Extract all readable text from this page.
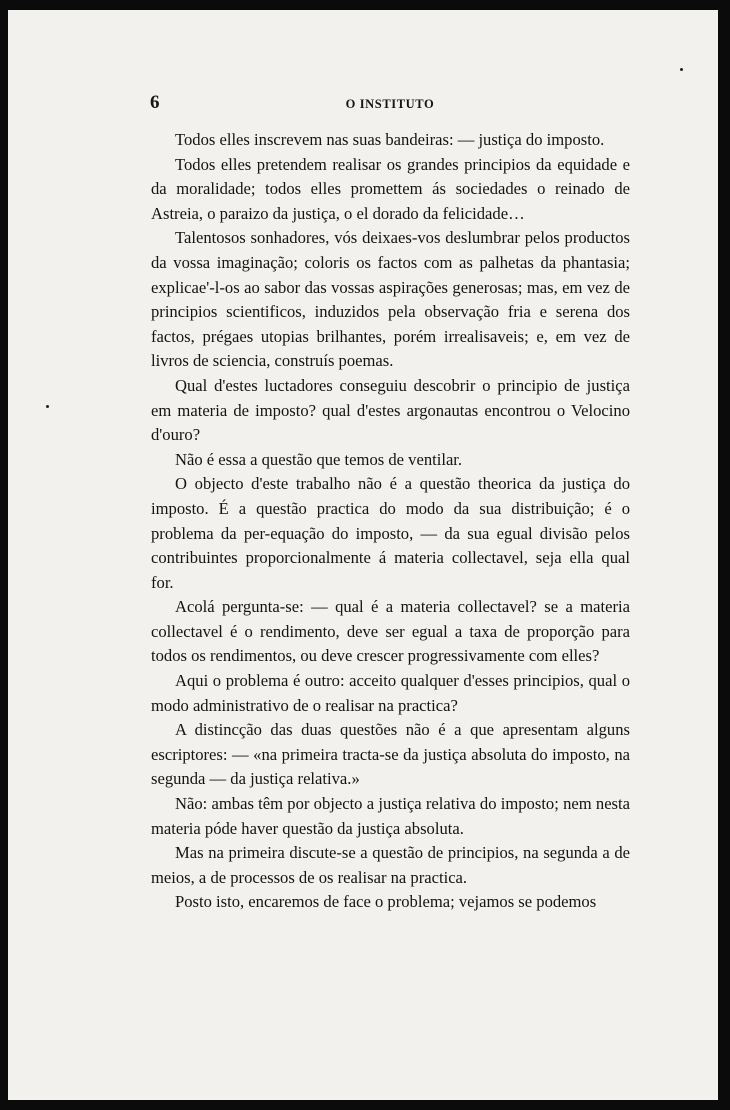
6	O INSTITUTO

Todos elles inscrevem nas suas bandeiras: — justiça do imposto.

Todos elles pretendem realisar os grandes principios da equidade e da moralidade; todos elles promettem ás sociedades o reinado de Astreia, o paraizo da justiça, o el dorado da felicidade…

Talentosos sonhadores, vós deixaes-vos deslumbrar pelos productos da vossa imaginação; coloris os factos com as palhetas da phantasia; explicae'-l-os ao sabor das vossas aspirações generosas; mas, em vez de principios scientificos, induzidos pela observação fria e serena dos factos, prégaes utopias brilhantes, porém irrealisaveis; e, em vez de livros de sciencia, construís poemas.

Qual d'estes luctadores conseguiu descobrir o principio de justiça em materia de imposto? qual d'estes argonautas encontrou o Velocino d'ouro?

Não é essa a questão que temos de ventilar.

O objecto d'este trabalho não é a questão theorica da justiça do imposto. É a questão practica do modo da sua distribuição; é o problema da per-equação do imposto, — da sua egual divisão pelos contribuintes proporcionalmente á materia collectavel, seja ella qual for.

Acolá pergunta-se: — qual é a materia collectavel? se a materia collectavel é o rendimento, deve ser egual a taxa de proporção para todos os rendimentos, ou deve crescer progressivamente com elles?

Aqui o problema é outro: acceito qualquer d'esses principios, qual o modo administrativo de o realisar na practica?

A distincção das duas questões não é a que apresentam alguns escriptores: — «na primeira tracta-se da justiça absoluta do imposto, na segunda — da justiça relativa.»

Não: ambas têm por objecto a justiça relativa do imposto; nem nesta materia póde haver questão da justiça absoluta.

Mas na primeira discute-se a questão de principios, na segunda a de meios, a de processos de os realisar na practica.

Posto isto, encaremos de face o problema; vejamos se podemos
